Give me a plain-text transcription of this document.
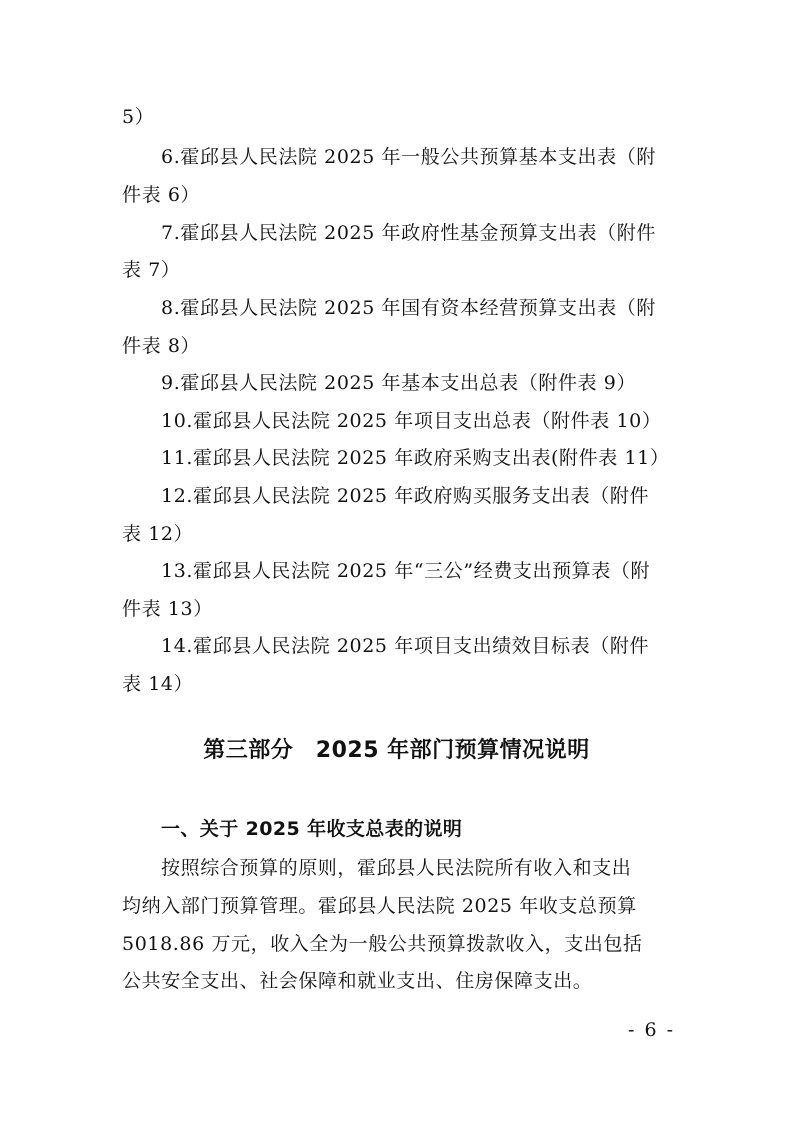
5）
6.霍邱县人民法院 2025 年一般公共预算基本支出表（附
件表 6）
7.霍邱县人民法院 2025 年政府性基金预算支出表（附件
表 7）
8.霍邱县人民法院 2025 年国有资本经营预算支出表（附
件表 8）
9.霍邱县人民法院 2025 年基本支出总表（附件表 9）
10.霍邱县人民法院 2025 年项目支出总表（附件表 10）
11.霍邱县人民法院 2025 年政府采购支出表(附件表 11）
12.霍邱县人民法院 2025 年政府购买服务支出表（附件
表 12）
13.霍邱县人民法院 2025 年“三公”经费支出预算表（附
件表 13）
14.霍邱县人民法院 2025 年项目支出绩效目标表（附件
表 14）
第三部分　2025 年部门预算情况说明
一、关于 2025 年收支总表的说明
按照综合预算的原则，霍邱县人民法院所有收入和支出
均纳入部门预算管理。霍邱县人民法院 2025 年收支总预算
5018.86 万元，收入全为一般公共预算拨款收入，支出包括
公共安全支出、社会保障和就业支出、住房保障支出。
- 6 -
